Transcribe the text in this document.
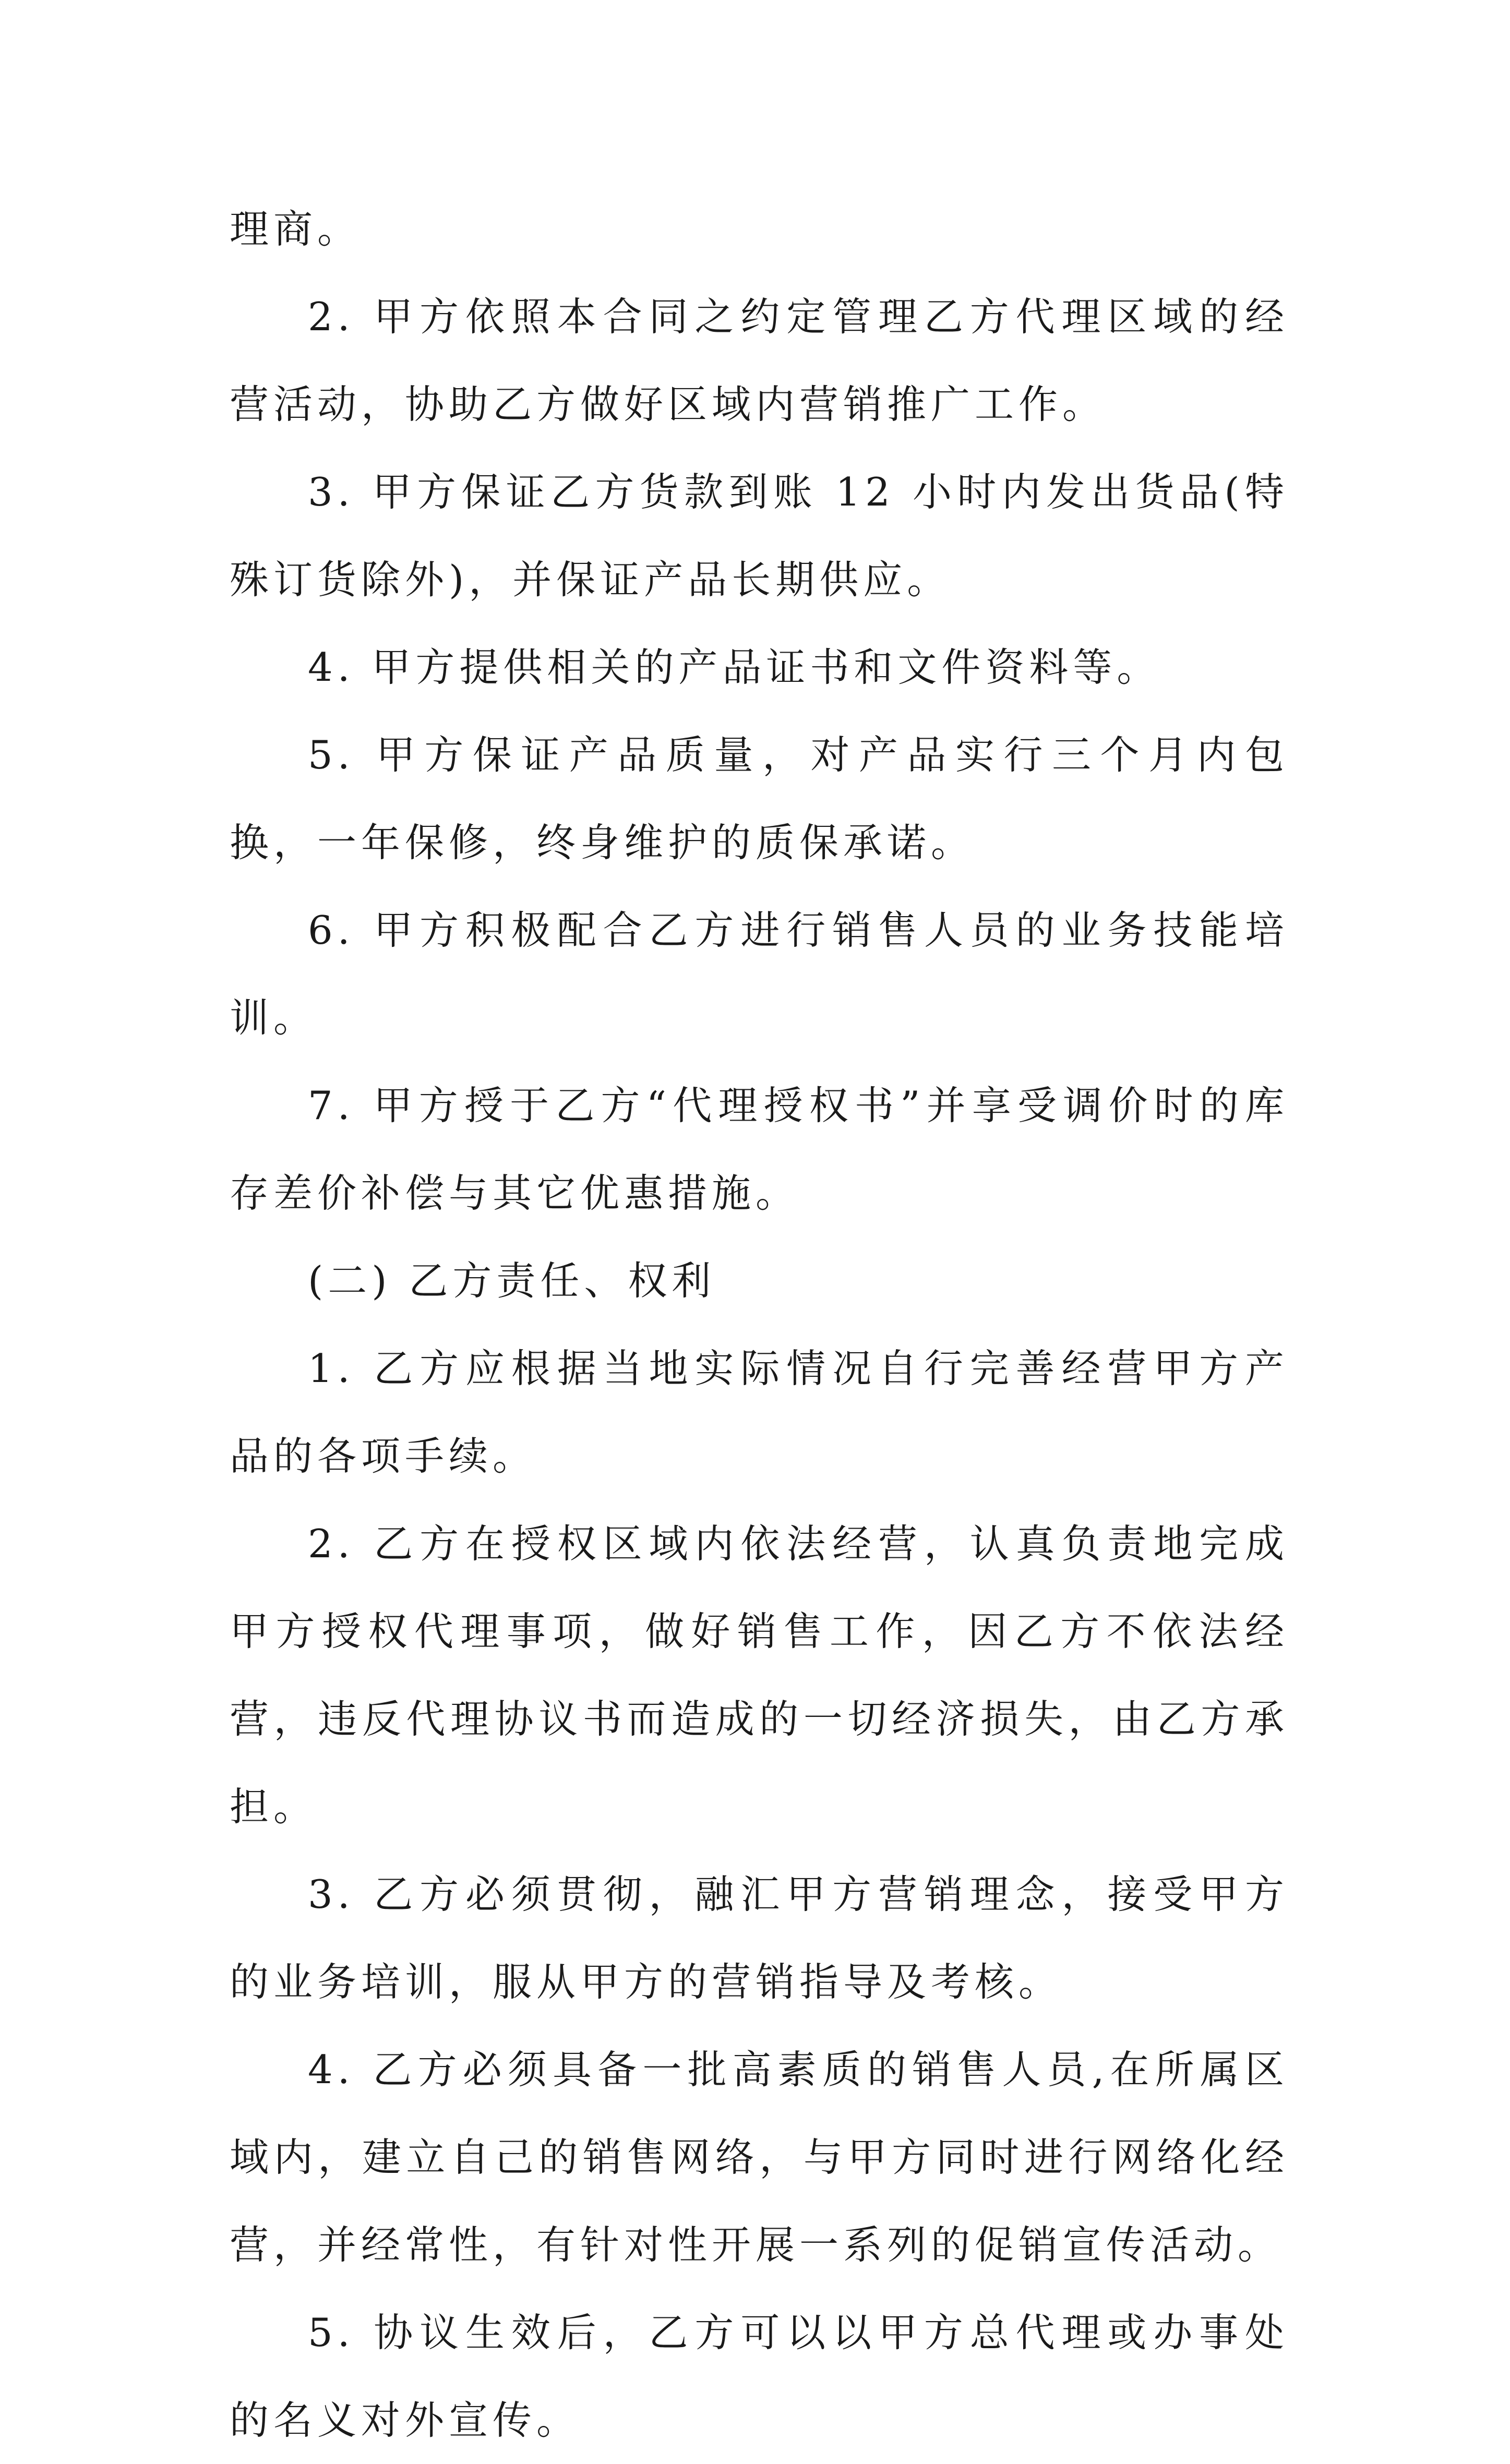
理商。

2. 甲方依照本合同之约定管理乙方代理区域的经营活动，协助乙方做好区域内营销推广工作。

3. 甲方保证乙方货款到账 12 小时内发出货品(特殊订货除外)，并保证产品长期供应。

4. 甲方提供相关的产品证书和文件资料等。

5. 甲方保证产品质量，对产品实行三个月内包换，一年保修，终身维护的质保承诺。

6. 甲方积极配合乙方进行销售人员的业务技能培训。

7. 甲方授于乙方“代理授权书”并享受调价时的库存差价补偿与其它优惠措施。

(二) 乙方责任、权利

1. 乙方应根据当地实际情况自行完善经营甲方产品的各项手续。

2. 乙方在授权区域内依法经营，认真负责地完成甲方授权代理事项，做好销售工作，因乙方不依法经营，违反代理协议书而造成的一切经济损失，由乙方承担。

3. 乙方必须贯彻，融汇甲方营销理念，接受甲方的业务培训，服从甲方的营销指导及考核。

4. 乙方必须具备一批高素质的销售人员,在所属区域内，建立自己的销售网络，与甲方同时进行网络化经营，并经常性，有针对性开展一系列的促销宣传活动。

5. 协议生效后，乙方可以以甲方总代理或办事处的名义对外宣传。
